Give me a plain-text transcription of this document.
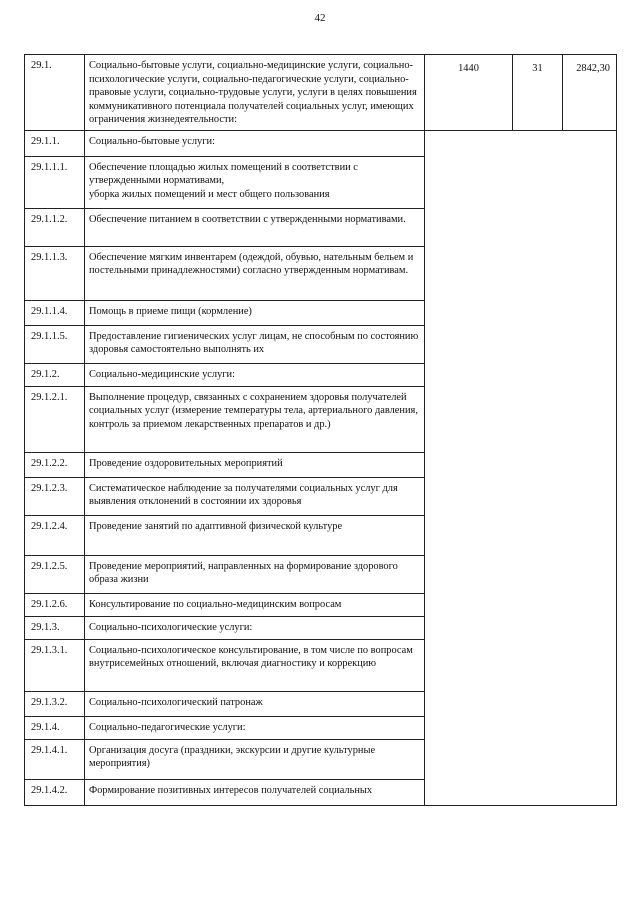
42
29.1.	Социально-бытовые услуги, социально-медицинские услуги, социально-психологические услуги, социально-педагогические услуги, социально-правовые услуги, социально-трудовые услуги, услуги в целях повышения коммуникативного потенциала получателей социальных услуг, имеющих ограничения жизнедеятельности:	1440	31	2842,30
29.1.1.	Социально-бытовые услуги:			
29.1.1.1.	Обеспечение площадью жилых помещений в соответствии с утвержденными нормативами,
уборка жилых помещений и мест общего пользования			
29.1.1.2.	Обеспечение питанием в соответствии с утвержденными нормативами.			
29.1.1.3.	Обеспечение мягким инвентарем (одеждой, обувью, нательным бельем и постельными принадлежностями) согласно утвержденным нормативам.			
29.1.1.4.	Помощь в приеме пищи (кормление)			
29.1.1.5.	Предоставление гигиенических услуг лицам, не способным по состоянию здоровья самостоятельно выполнять их			
29.1.2.	Социально-медицинские услуги:			
29.1.2.1.	Выполнение процедур, связанных с сохранением здоровья получателей социальных услуг (измерение температуры тела, артериального давления, контроль за приемом лекарственных препаратов и др.)			
29.1.2.2.	Проведение оздоровительных мероприятий			
29.1.2.3.	Систематическое наблюдение за получателями социальных услуг для выявления отклонений в состоянии их здоровья			
29.1.2.4.	Проведение занятий по адаптивной физической культуре			
29.1.2.5.	Проведение мероприятий, направленных на формирование здорового образа жизни			
29.1.2.6.	Консультирование по социально-медицинским вопросам			
29.1.3.	Социально-психологические услуги:			
29.1.3.1.	Социально-психологическое консультирование, в том числе по вопросам внутрисемейных отношений, включая диагностику и коррекцию			
29.1.3.2.	Социально-психологический патронаж			
29.1.4.	Социально-педагогические услуги:			
29.1.4.1.	Организация досуга (праздники, экскурсии и другие культурные мероприятия)			
29.1.4.2.	Формирование позитивных интересов получателей социальных			
